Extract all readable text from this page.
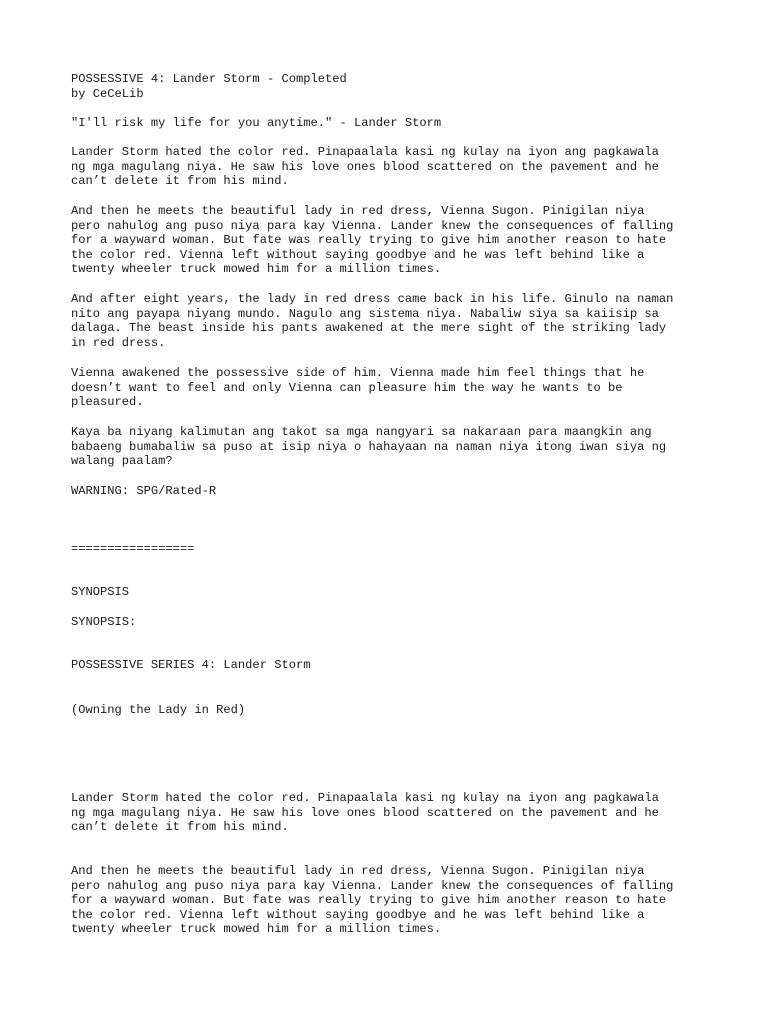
POSSESSIVE 4: Lander Storm - Completed
by CeCeLib
"I'll risk my life for you anytime." - Lander Storm
Lander Storm hated the color red. Pinapaalala kasi ng kulay na iyon ang pagkawala
ng mga magulang niya. He saw his love ones blood scattered on the pavement and he
can’t delete it from his mind.
And then he meets the beautiful lady in red dress, Vienna Sugon. Pinigilan niya
pero nahulog ang puso niya para kay Vienna. Lander knew the consequences of falling
for a wayward woman. But fate was really trying to give him another reason to hate
the color red. Vienna left without saying goodbye and he was left behind like a
twenty wheeler truck mowed him for a million times.
And after eight years, the lady in red dress came back in his life. Ginulo na naman
nito ang payapa niyang mundo. Nagulo ang sistema niya. Nabaliw siya sa kaiisip sa
dalaga. The beast inside his pants awakened at the mere sight of the striking lady
in red dress.
Vienna awakened the possessive side of him. Vienna made him feel things that he
doesn’t want to feel and only Vienna can pleasure him the way he wants to be
pleasured.
Kaya ba niyang kalimutan ang takot sa mga nangyari sa nakaraan para maangkin ang
babaeng bumabaliw sa puso at isip niya o hahayaan na naman niya itong iwan siya ng
walang paalam?
WARNING: SPG/Rated-R
=================
SYNOPSIS
SYNOPSIS:
POSSESSIVE SERIES 4: Lander Storm
(Owning the Lady in Red)
Lander Storm hated the color red. Pinapaalala kasi ng kulay na iyon ang pagkawala
ng mga magulang niya. He saw his love ones blood scattered on the pavement and he
can’t delete it from his mind.
And then he meets the beautiful lady in red dress, Vienna Sugon. Pinigilan niya
pero nahulog ang puso niya para kay Vienna. Lander knew the consequences of falling
for a wayward woman. But fate was really trying to give him another reason to hate
the color red. Vienna left without saying goodbye and he was left behind like a
twenty wheeler truck mowed him for a million times.
